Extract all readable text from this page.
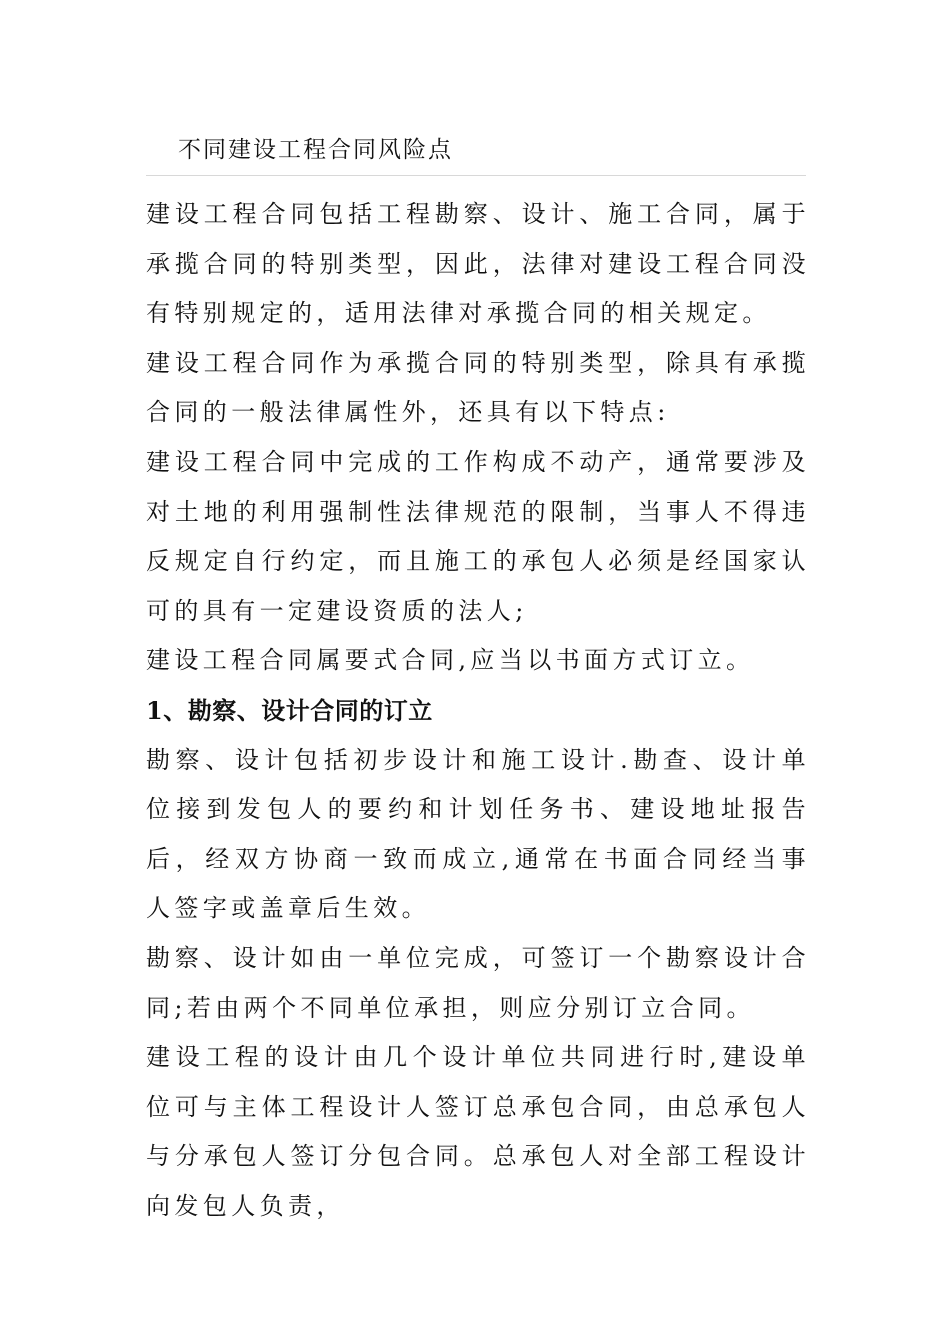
不同建设工程合同风险点

建设工程合同包括工程勘察、设计、施工合同，属于承揽合同的特别类型，因此，法律对建设工程合同没有特别规定的，适用法律对承揽合同的相关规定。

建设工程合同作为承揽合同的特别类型，除具有承揽合同的一般法律属性外，还具有以下特点:

建设工程合同中完成的工作构成不动产，通常要涉及对土地的利用强制性法律规范的限制，当事人不得违反规定自行约定，而且施工的承包人必须是经国家认可的具有一定建设资质的法人;

建设工程合同属要式合同,应当以书面方式订立。

1、勘察、设计合同的订立

勘察、设计包括初步设计和施工设计.勘查、设计单位接到发包人的要约和计划任务书、建设地址报告后，经双方协商一致而成立,通常在书面合同经当事人签字或盖章后生效。

勘察、设计如由一单位完成，可签订一个勘察设计合同;若由两个不同单位承担，则应分别订立合同。

建设工程的设计由几个设计单位共同进行时,建设单位可与主体工程设计人签订总承包合同，由总承包人与分承包人签订分包合同。总承包人对全部工程设计向发包人负责，
